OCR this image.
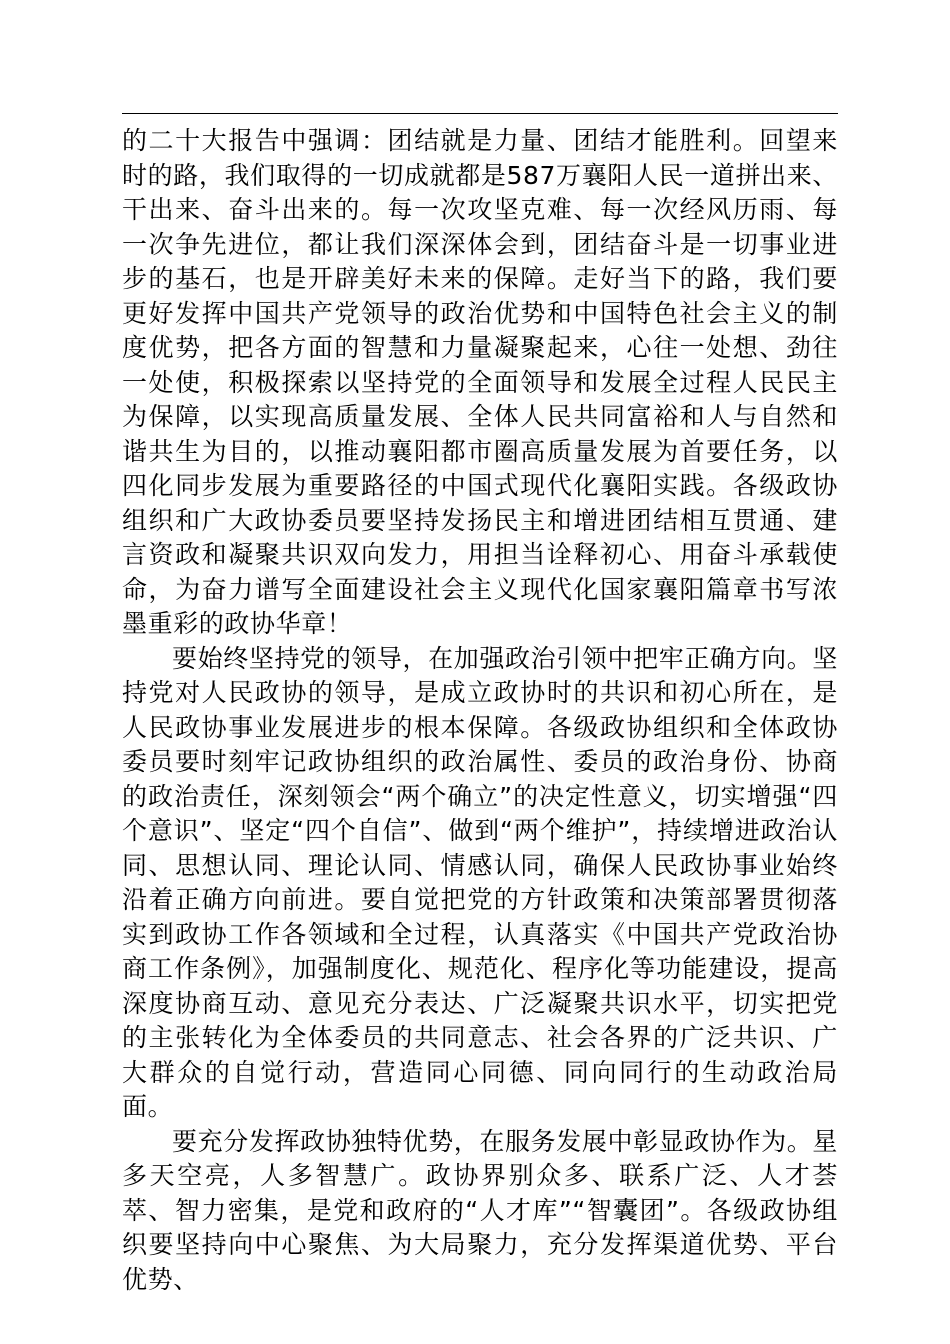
的二十大报告中强调：团结就是力量、团结才能胜利。回望来时的路，我们取得的一切成就都是587万襄阳人民一道拼出来、干出来、奋斗出来的。每一次攻坚克难、每一次经风历雨、每一次争先进位，都让我们深深体会到，团结奋斗是一切事业进步的基石，也是开辟美好未来的保障。走好当下的路，我们要更好发挥中国共产党领导的政治优势和中国特色社会主义的制度优势，把各方面的智慧和力量凝聚起来，心往一处想、劲往一处使，积极探索以坚持党的全面领导和发展全过程人民民主为保障，以实现高质量发展、全体人民共同富裕和人与自然和谐共生为目的，以推动襄阳都市圈高质量发展为首要任务，以四化同步发展为重要路径的中国式现代化襄阳实践。各级政协组织和广大政协委员要坚持发扬民主和增进团结相互贯通、建言资政和凝聚共识双向发力，用担当诠释初心、用奋斗承载使命，为奋力谱写全面建设社会主义现代化国家襄阳篇章书写浓墨重彩的政协华章！

要始终坚持党的领导，在加强政治引领中把牢正确方向。坚持党对人民政协的领导，是成立政协时的共识和初心所在，是人民政协事业发展进步的根本保障。各级政协组织和全体政协委员要时刻牢记政协组织的政治属性、委员的政治身份、协商的政治责任，深刻领会“两个确立”的决定性意义，切实增强“四个意识”、坚定“四个自信”、做到“两个维护”，持续增进政治认同、思想认同、理论认同、情感认同，确保人民政协事业始终沿着正确方向前进。要自觉把党的方针政策和决策部署贯彻落实到政协工作各领域和全过程，认真落实《中国共产党政治协商工作条例》，加强制度化、规范化、程序化等功能建设，提高深度协商互动、意见充分表达、广泛凝聚共识水平，切实把党的主张转化为全体委员的共同意志、社会各界的广泛共识、广大群众的自觉行动，营造同心同德、同向同行的生动政治局面。

要充分发挥政协独特优势，在服务发展中彰显政协作为。星多天空亮，人多智慧广。政协界别众多、联系广泛、人才荟萃、智力密集，是党和政府的“人才库”“智囊团”。各级政协组织要坚持向中心聚焦、为大局聚力，充分发挥渠道优势、平台优势、
